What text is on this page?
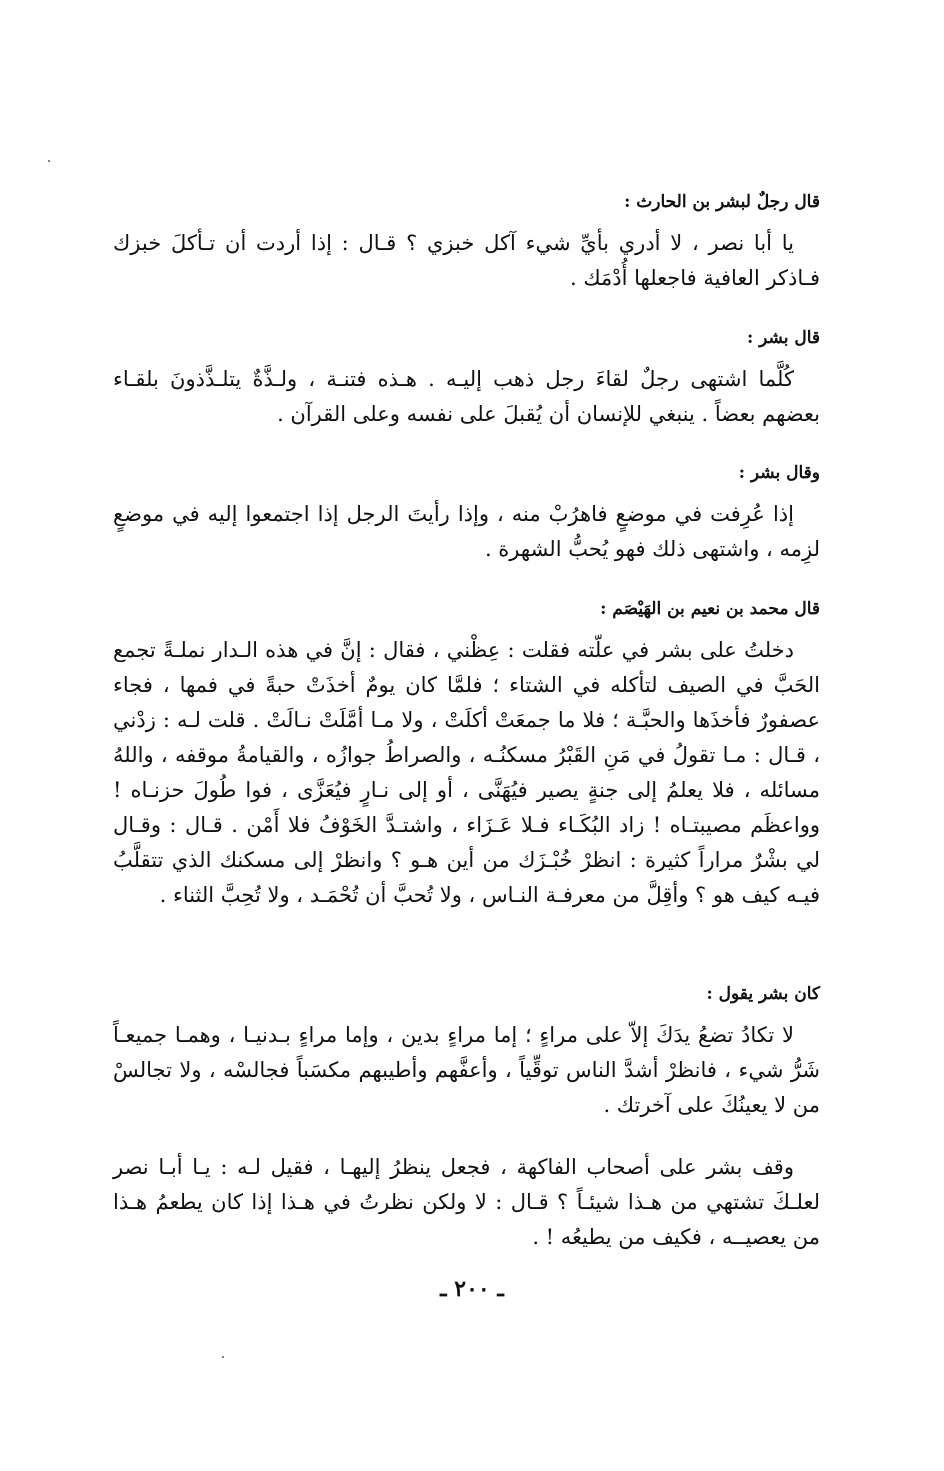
قال رجلٌ لبشر بن الحارث :

يا أبا نصر ، لا أدري بأيِّ شيء آكل خبزي ؟ قـال : إذا أردت أن تـأكلَ خبزك فـاذكر العافية فاجعلها أُدْمَك .

قال بشر :

كُلَّما اشتهى رجلٌ لقاءَ رجل ذهب إليـه . هـذه فتنـة ، ولـذَّةٌ يتلـذَّذونَ بلقـاء بعضهم بعضاً . ينبغي للإنسان أن يُقبلَ على نفسه وعلى القرآن .

وقال بشر :

إذا عُرِفت في موضعٍ فاهرُبْ منه ، وإذا رأيتَ الرجل إذا اجتمعوا إليه في موضعٍ لزِمه ، واشتهى ذلك فهو يُحبُّ الشهرة .

قال محمد بن نعيم بن الهَيْصَم :

دخلتُ على بشر في علّته فقلت : عِظْني ، فقال : إنَّ في هذه الـدار نملـةً تجمع الحَبَّ في الصيف لتأكله في الشتاء ؛ فلمَّا كان يومٌ أخذَتْ حبةً في فمها ، فجاء عصفورٌ فأخذَها والحبَّـة ؛ فلا ما جمعَتْ أكلَتْ ، ولا مـا أمَّلَتْ نـالَتْ . قلت لـه : زدْني ، قـال : مـا تقولُ في مَنِ القَبْرُ مسكنُـه ، والصراطُ جوازُه ، والقيامةُ موقفه ، واللهُ مسائله ، فلا يعلمُ إلى جنةٍ يصير فيُهَنَّى ، أو إلى نـارٍ فيُعَزَّى ، فوا طُولَ حزنـاه ! وواعظَم مصيبتـاه ! زاد البُكَـاء فـلا عَـزَاء ، واشتـدَّ الخَوْفُ فلا أَمْن . قـال : وقـال لي بشْرٌ مراراً كثيرة : انظرْ خُبْـزَك من أين هـو ؟ وانظرْ إلى مسكنك الذي تتقلَّبُ فيـه كيف هو ؟ وأقِلَّ من معرفـة النـاس ، ولا تُحبَّ أن تُحْمَـد ، ولا تُحِبَّ الثناء .

كان بشر يقول :

لا تكادُ تضعُ يدَكَ إلاّ على مراءٍ ؛ إما مراءٍ بدين ، وإما مراءٍ بـدنيـا ، وهمـا جميعـاً شَرُّ شيء ، فانظرْ أشدَّ الناس توقِّياً ، وأعفَّهم وأطيبهم مكسَباً فجالسْه ، ولا تجالسْ من لا يعينُكَ على آخرتك .

وقف بشر على أصحاب الفاكهة ، فجعل ينظرُ إليهـا ، فقيل لـه : يـا أبـا نصر لعلـكَ تشتهي من هـذا شيئـاً ؟ قـال : لا ولكن نظرتُ في هـذا إذا كان يطعمُ هـذا من يعصيــه ، فكيف من يطيعُه ! .

ـ ٢٠٠ ـ
